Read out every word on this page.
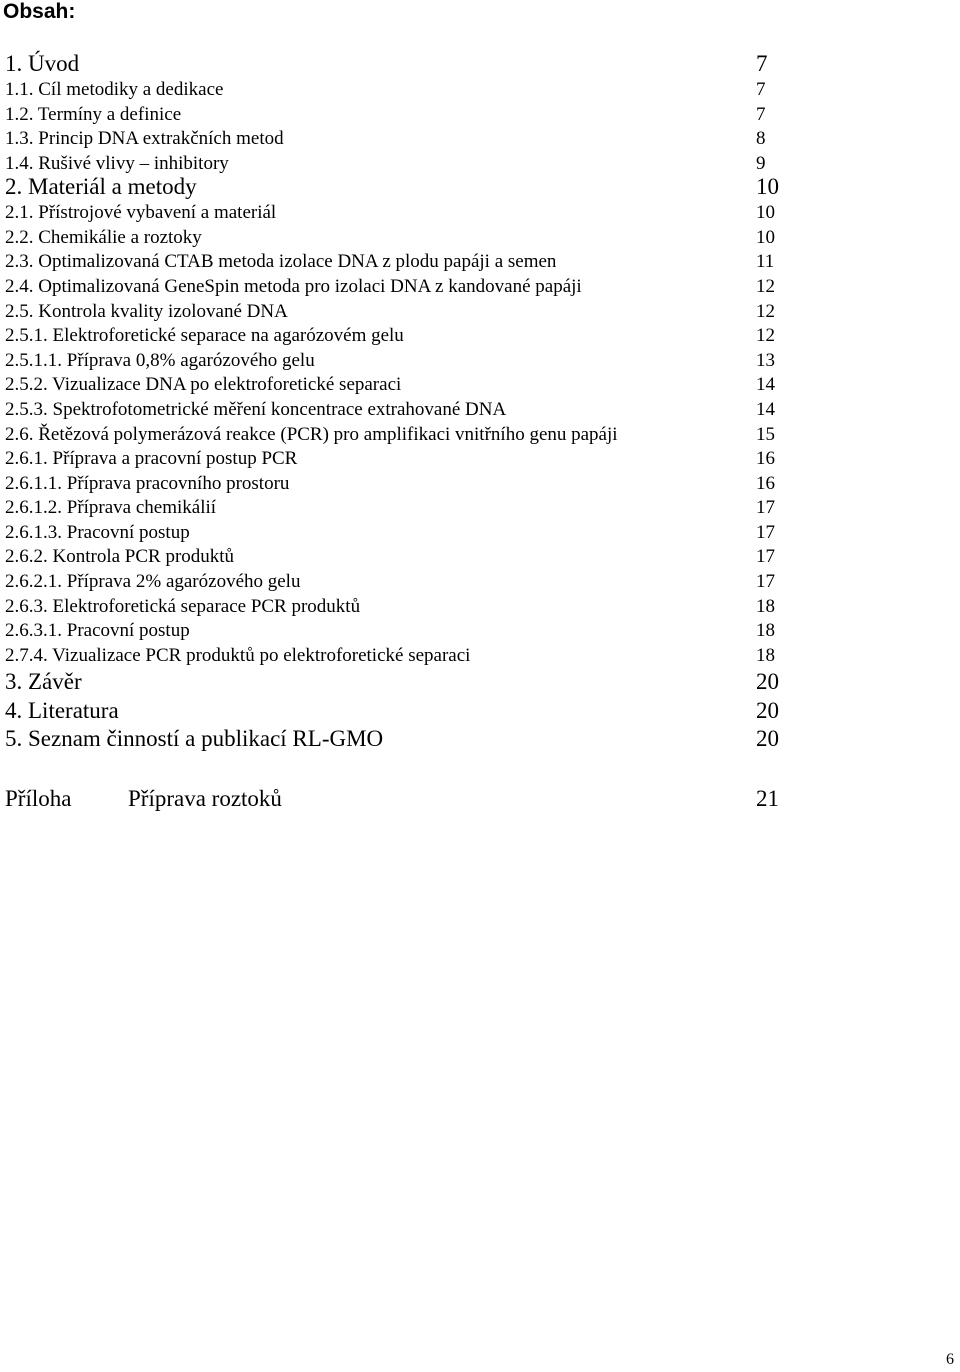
Obsah:
1. Úvod	7
1.1. Cíl metodiky a dedikace	7
1.2. Termíny a definice	7
1.3. Princip DNA extrakčních metod	8
1.4. Rušivé vlivy – inhibitory	9
2. Materiál a metody	10
2.1. Přístrojové vybavení a materiál	10
2.2. Chemikálie a roztoky	10
2.3. Optimalizovaná CTAB metoda izolace DNA z plodu papáji a semen	11
2.4. Optimalizovaná GeneSpin metoda pro izolaci DNA z kandované papáji	12
2.5. Kontrola kvality izolované DNA	12
2.5.1. Elektroforetické separace na agarózovém gelu	12
2.5.1.1. Příprava 0,8% agarózového gelu	13
2.5.2. Vizualizace DNA po elektroforetické separaci	14
2.5.3. Spektrofotometrické měření koncentrace extrahované DNA	14
2.6. Řetězová polymerázová reakce (PCR) pro amplifikaci vnitřního genu papáji	15
2.6.1. Příprava a pracovní postup PCR	16
2.6.1.1. Příprava pracovního prostoru	16
2.6.1.2. Příprava chemikálií	17
2.6.1.3. Pracovní postup	17
2.6.2. Kontrola PCR produktů	17
2.6.2.1. Příprava 2% agarózového gelu	17
2.6.3. Elektroforetická separace PCR produktů	18
2.6.3.1. Pracovní postup	18
2.7.4. Vizualizace PCR produktů po elektroforetické separaci	18
3. Závěr	20
4. Literatura	20
5. Seznam činností a publikací RL-GMO	20
Příloha Příprava roztoků	21
6
